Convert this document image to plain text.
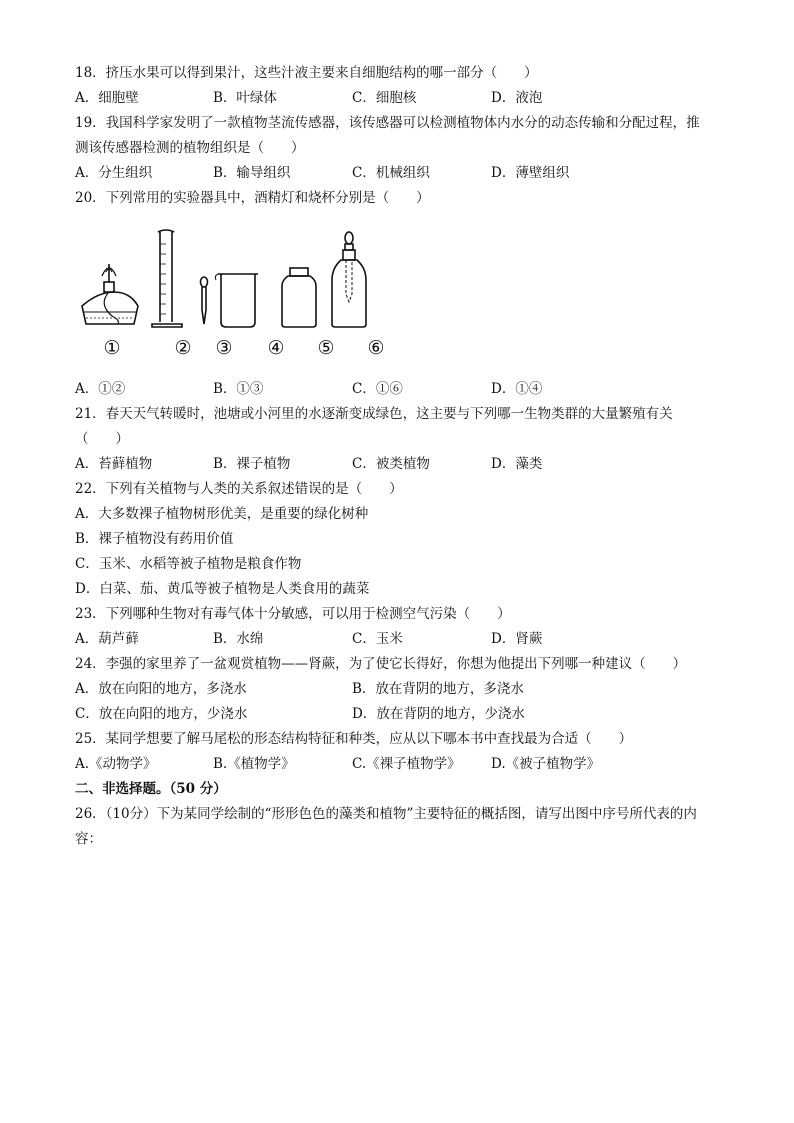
18．挤压水果可以得到果汁，这些汁液主要来自细胞结构的哪一部分（　　）
A．细胞壁	B．叶绿体	C．细胞核	D．液泡
19．我国科学家发明了一款植物茎流传感器，该传感器可以检测植物体内水分的动态传输和分配过程，推
测该传感器检测的植物组织是（　　）
A．分生组织	B．输导组织	C．机械组织	D．薄壁组织
20．下列常用的实验器具中，酒精灯和烧杯分别是（　　）
①	② ③ ④ ⑤ ⑥
A．①②	B．①③	C．①⑥	D．①④
21．春天天气转暖时，池塘或小河里的水逐渐变成绿色，这主要与下列哪一生物类群的大量繁殖有关
（　　）
A．苔藓植物	B．裸子植物	C．被类植物	D．藻类
22．下列有关植物与人类的关系叙述错误的是（　　）
A．大多数裸子植物树形优美，是重要的绿化树种
B．裸子植物没有药用价值
C．玉米、水稻等被子植物是粮食作物
D．白菜、茄、黄瓜等被子植物是人类食用的蔬菜
23．下列哪种生物对有毒气体十分敏感，可以用于检测空气污染（　　）
A．葫芦藓	B．水绵	C．玉米	D．肾蕨
24．李强的家里养了一盆观赏植物——肾蕨，为了使它长得好，你想为他提出下列哪一种建议（　　）
A．放在向阳的地方，多浇水	B．放在背阴的地方，多浇水
C．放在向阳的地方，少浇水	D．放在背阴的地方，少浇水
25．某同学想要了解马尾松的形态结构特征和种类，应从以下哪本书中查找最为合适（　　）
A.《动物学》	B.《植物学》	C.《裸子植物学》 D.《被子植物学》
二、非选择题。（50 分）
26．（10分）下为某同学绘制的“形形色色的藻类和植物”主要特征的概括图，请写出图中序号所代表的内
容：
